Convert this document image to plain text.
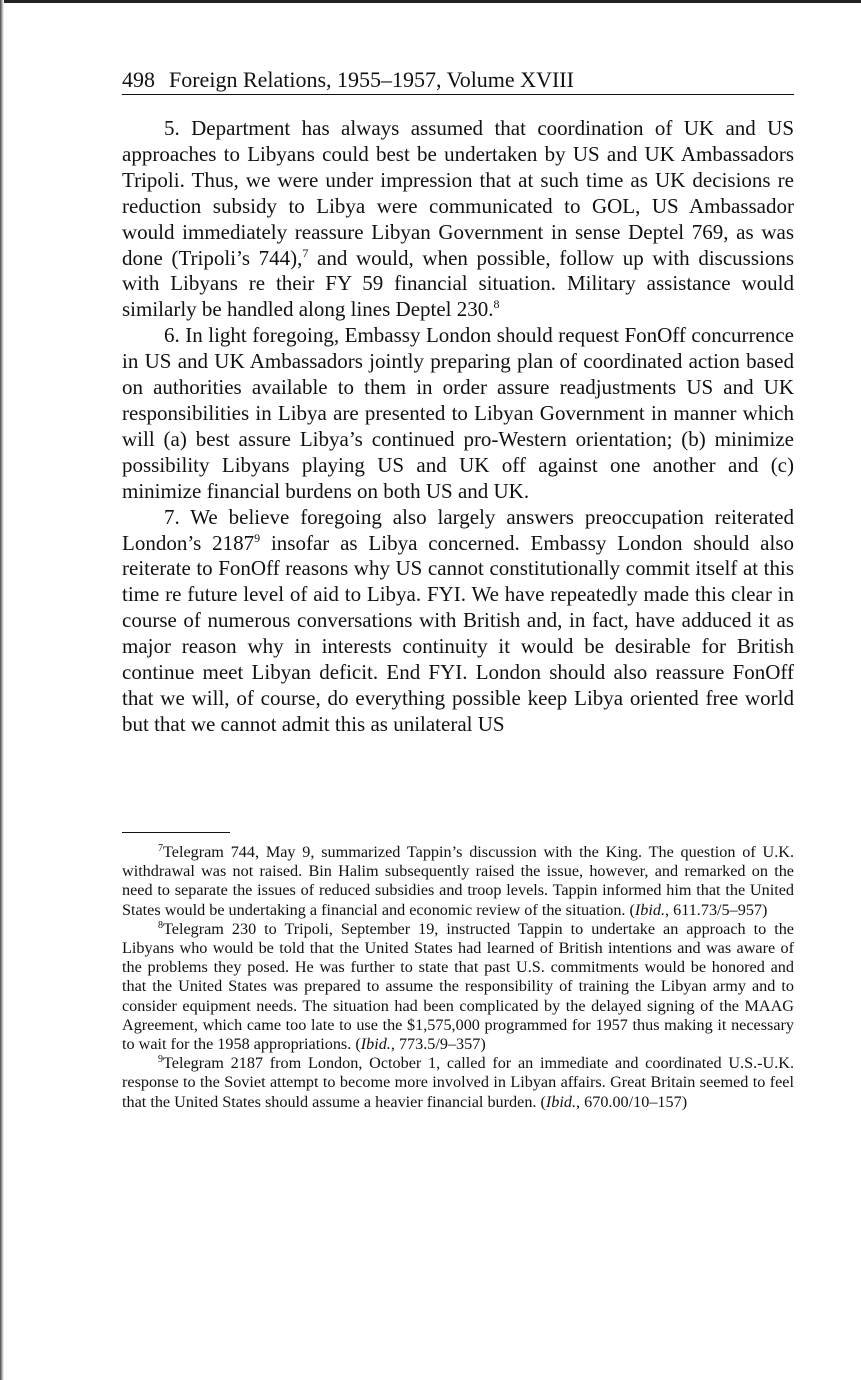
498 Foreign Relations, 1955–1957, Volume XVIII

5. Department has always assumed that coordination of UK and US approaches to Libyans could best be undertaken by US and UK Ambassadors Tripoli. Thus, we were under impression that at such time as UK decisions re reduction subsidy to Libya were communicated to GOL, US Ambassador would immediately reassure Libyan Government in sense Deptel 769, as was done (Tripoli’s 744),$^7$ and would, when possible, follow up with discussions with Libyans re their FY 59 financial situation. Military assistance would similarly be handled along lines Deptel 230.$^8$

6. In light foregoing, Embassy London should request FonOff concurrence in US and UK Ambassadors jointly preparing plan of coordinated action based on authorities available to them in order assure readjustments US and UK responsibilities in Libya are presented to Libyan Government in manner which will (a) best assure Libya’s continued pro-Western orientation; (b) minimize possibility Libyans playing US and UK off against one another and (c) minimize financial burdens on both US and UK.

7. We believe foregoing also largely answers preoccupation reiterated London’s 2187$^9$ insofar as Libya concerned. Embassy London should also reiterate to FonOff reasons why US cannot constitutionally commit itself at this time re future level of aid to Libya. FYI. We have repeatedly made this clear in course of numerous conversations with British and, in fact, have adduced it as major reason why in interests continuity it would be desirable for British continue meet Libyan deficit. End FYI. London should also reassure FonOff that we will, of course, do everything possible keep Libya oriented free world but that we cannot admit this as unilateral US

$^7$Telegram 744, May 9, summarized Tappin’s discussion with the King. The question of U.K. withdrawal was not raised. Bin Halim subsequently raised the issue, however, and remarked on the need to separate the issues of reduced subsidies and troop levels. Tappin informed him that the United States would be undertaking a financial and economic review of the situation. (Ibid., 611.73/5–957)

$^8$Telegram 230 to Tripoli, September 19, instructed Tappin to undertake an approach to the Libyans who would be told that the United States had learned of British intentions and was aware of the problems they posed. He was further to state that past U.S. commitments would be honored and that the United States was prepared to assume the responsibility of training the Libyan army and to consider equipment needs. The situation had been complicated by the delayed signing of the MAAG Agreement, which came too late to use the $1,575,000 programmed for 1957 thus making it necessary to wait for the 1958 appropriations. (Ibid., 773.5/9–357)

$^9$Telegram 2187 from London, October 1, called for an immediate and coordinated U.S.-U.K. response to the Soviet attempt to become more involved in Libyan affairs. Great Britain seemed to feel that the United States should assume a heavier financial burden. (Ibid., 670.00/10–157)
